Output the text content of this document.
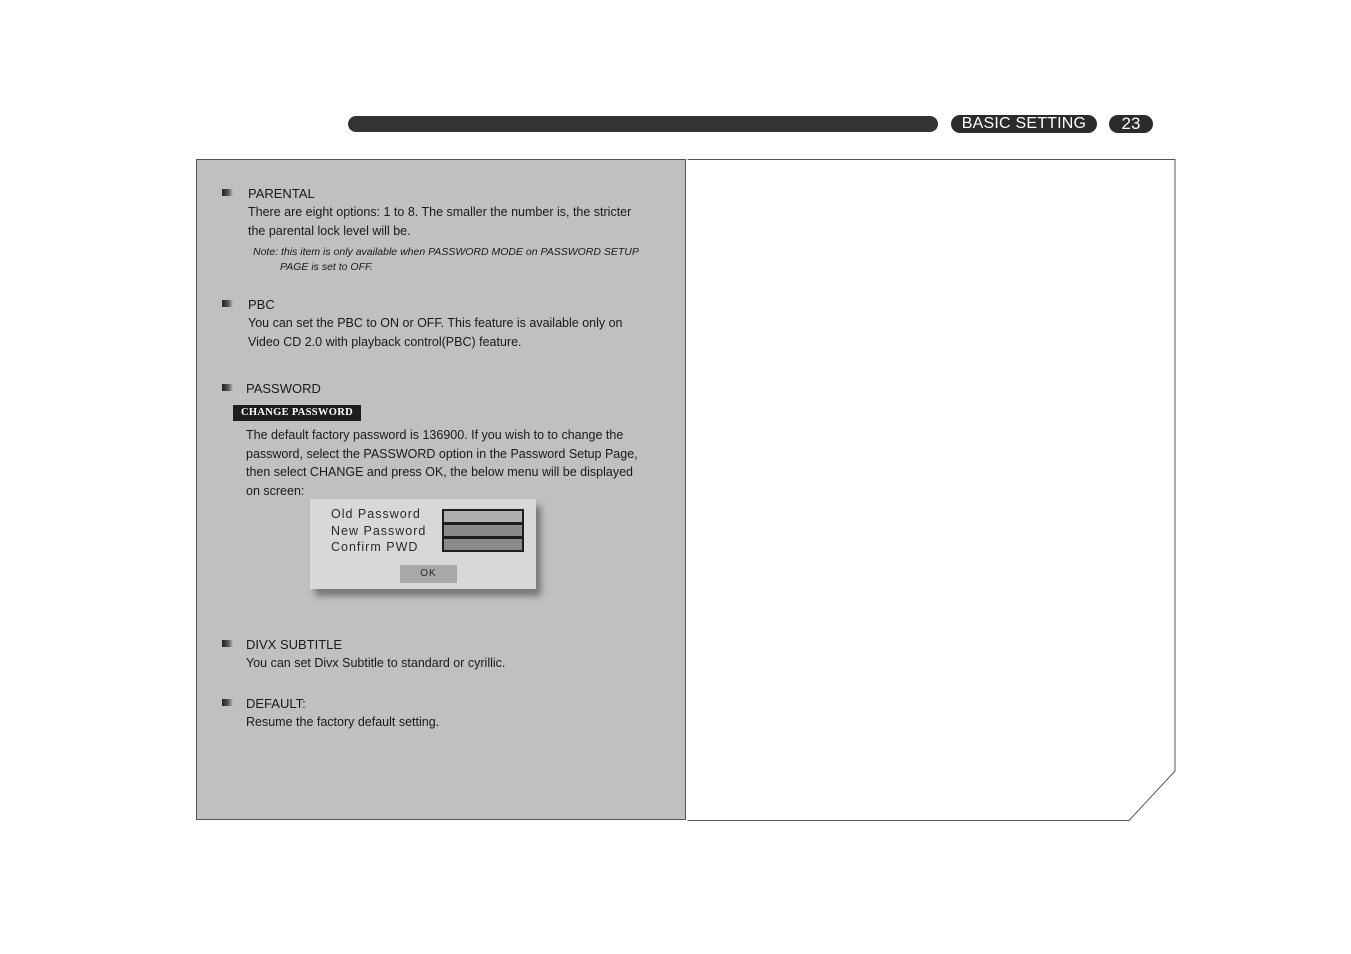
BASIC SETTING	23
PARENTAL
There are eight options: 1 to 8. The smaller the number is, the stricter
the parental lock level will be.
Note: this item is only available when PASSWORD MODE on PASSWORD SETUP
PAGE is set to OFF.
PBC
You can set the PBC to ON or OFF. This feature is available only on
Video CD 2.0 with playback control(PBC) feature.
PASSWORD
CHANGE PASSWORD
The default factory password is 136900. If you wish to to change the
password, select the PASSWORD option in the Password Setup Page,
then select CHANGE and press OK, the below menu will be displayed
on screen:
Old Password
New Password
Confirm PWD
OK
DIVX SUBTITLE
You can set Divx Subtitle to standard or cyrillic.
DEFAULT:
Resume the factory default setting.
